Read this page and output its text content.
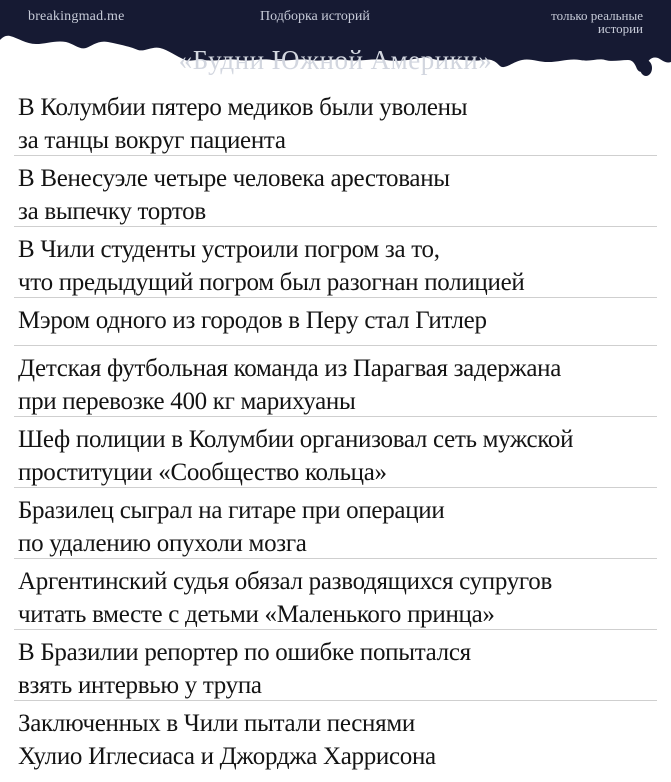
breakingmad.me	Подборка историй	только реальные
истории
«Будни Южной Америки»
В Колумбии пятеро медиков были уволены
за танцы вокруг пациента
В Венесуэле четыре человека арестованы
за выпечку тортов
В Чили студенты устроили погром за то,
что предыдущий погром был разогнан полицией
Мэром одного из городов в Перу стал Гитлер
Детская футбольная команда из Парагвая задержана
при перевозке 400 кг марихуаны
Шеф полиции в Колумбии организовал сеть мужской
проституции «Сообщество кольца»
Бразилец сыграл на гитаре при операции
по удалению опухоли мозга
Аргентинский судья обязал разводящихся супругов
читать вместе с детьми «Маленького принца»
В Бразилии репортер по ошибке попытался
взять интервью у трупа
Заключенных в Чили пытали песнями
Хулио Иглесиаса и Джорджа Харрисона
